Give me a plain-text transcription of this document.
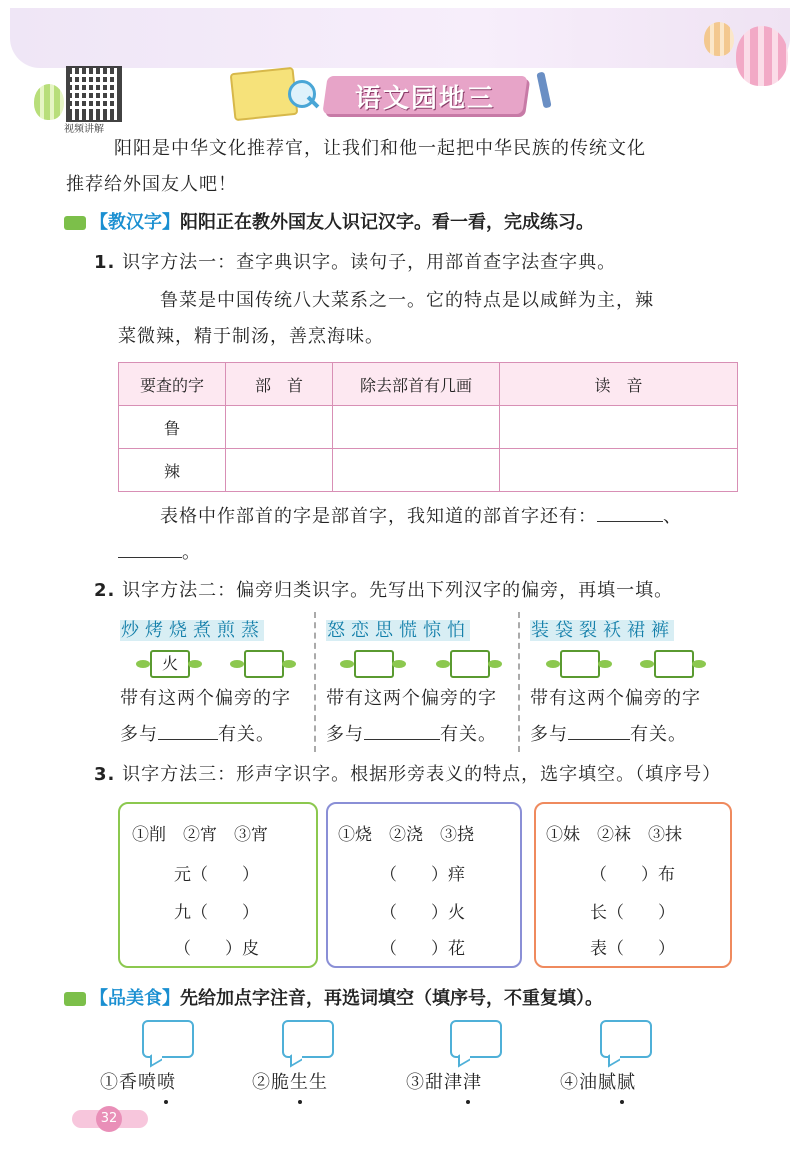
视频讲解
语文园地三
阳阳是中华文化推荐官，让我们和他一起把中华民族的传统文化
推荐给外国友人吧！
【教汉字】阳阳正在教外国友人识记汉字。看一看，完成练习。
1. 识字方法一：查字典识字。读句子，用部首查字法查字典。
鲁菜是中国传统八大菜系之一。它的特点是以咸鲜为主，辣
菜微辣，精于制汤，善烹海味。
要查的字	部　首	除去部首有几画	读　音
鲁			
辣			
表格中作部首的字是部首字，我知道的部首字还有：	、
。
2. 识字方法二：偏旁归类识字。先写出下列汉字的偏旁，再填一填。
炒 烤 烧 煮 煎 蒸
火
带有这两个偏旁的字
多与	有关。
怒 恋 思 慌 惊 怕
带有这两个偏旁的字
多与	有关。
装 袋 裂 袄 裙 裤
带有这两个偏旁的字
多与	有关。
3. 识字方法三：形声字识字。根据形旁表义的特点，选字填空。（填序号）
①削　②宵　③宵
元（　　）
九（　　）
（　　）皮
①烧　②浇　③挠
（　　）痒
（　　）火
（　　）花
①妹　②袜　③抹
（　　）布
长（　　）
表（　　）
【品美食】先给加点字注音，再选词填空（填序号，不重复填）。
①香喷喷	②脆生生	③甜津津	④油腻腻
32
